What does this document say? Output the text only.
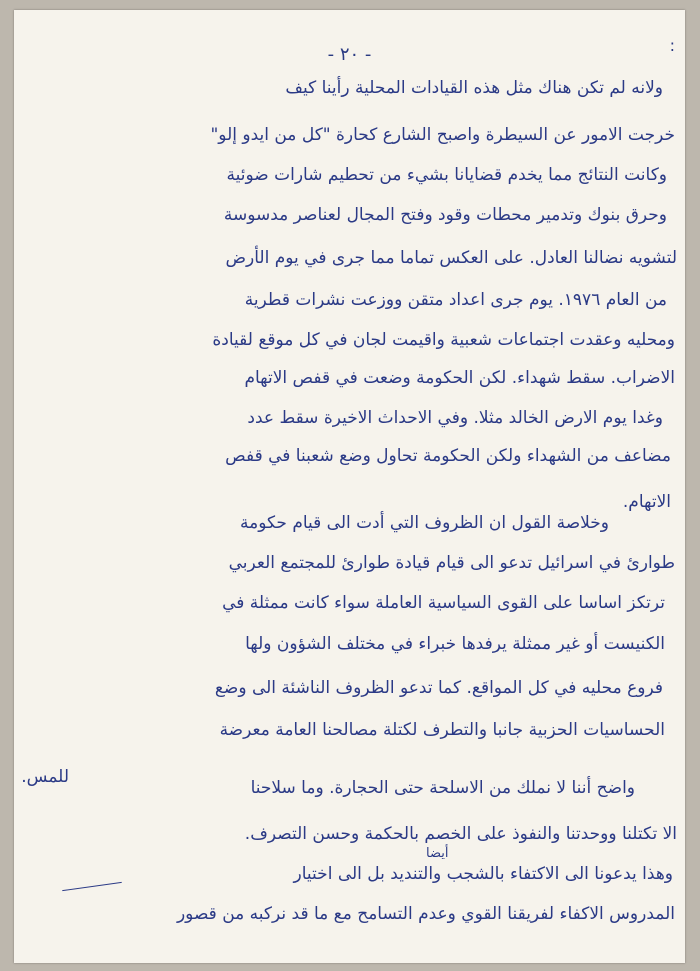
- ٢٠ -	:
ولانه لم تكن هناك مثل هذه القيادات المحلية رأينا كيف
خرجت الامور عن السيطرة واصبح الشارع كحارة "كل من ايدو إلو"
وكانت النتائج مما يخدم قضايانا بشيء من تحطيم شارات ضوئية
وحرق بنوك وتدمير محطات وقود وفتح المجال لعناصر مدسوسة
لتشويه نضالنا العادل. على العكس تماما مما جرى في يوم الأرض
من العام ١٩٧٦. يوم جرى اعداد متقن ووزعت نشرات قطرية
ومحليه وعقدت اجتماعات شعبية واقيمت لجان في كل موقع لقيادة
الاضراب. سقط شهداء. لكن الحكومة وضعت في قفص الاتهام
وغدا يوم الارض الخالد مثلا. وفي الاحداث الاخيرة سقط عدد
مضاعف من الشهداء ولكن الحكومة تحاول وضع شعبنا في قفص
الاتهام.
وخلاصة القول ان الظروف التي أدت الى قيام حكومة
طوارئ في اسرائيل تدعو الى قيام قيادة طوارئ للمجتمع العربي
ترتكز اساسا على القوى السياسية العاملة سواء كانت ممثلة في
الكنيست أو غير ممثلة يرفدها خبراء في مختلف الشؤون ولها
فروع محليه في كل المواقع. كما تدعو الظروف الناشئة الى وضع
الحساسيات الحزبية جانبا والتطرف لكتلة مصالحنا العامة معرضة
للمس.
واضح أننا لا نملك من الاسلحة حتى الحجارة. وما سلاحنا
الا تكتلنا ووحدتنا والنفوذ على الخصم بالحكمة وحسن التصرف.
أيضا
وهذا يدعونا الى الاكتفاء بالشجب والتنديد بل الى اختيار
المدروس الاكفاء لفريقنا القوي وعدم التسامح مع ما قد نركبه من قصور
